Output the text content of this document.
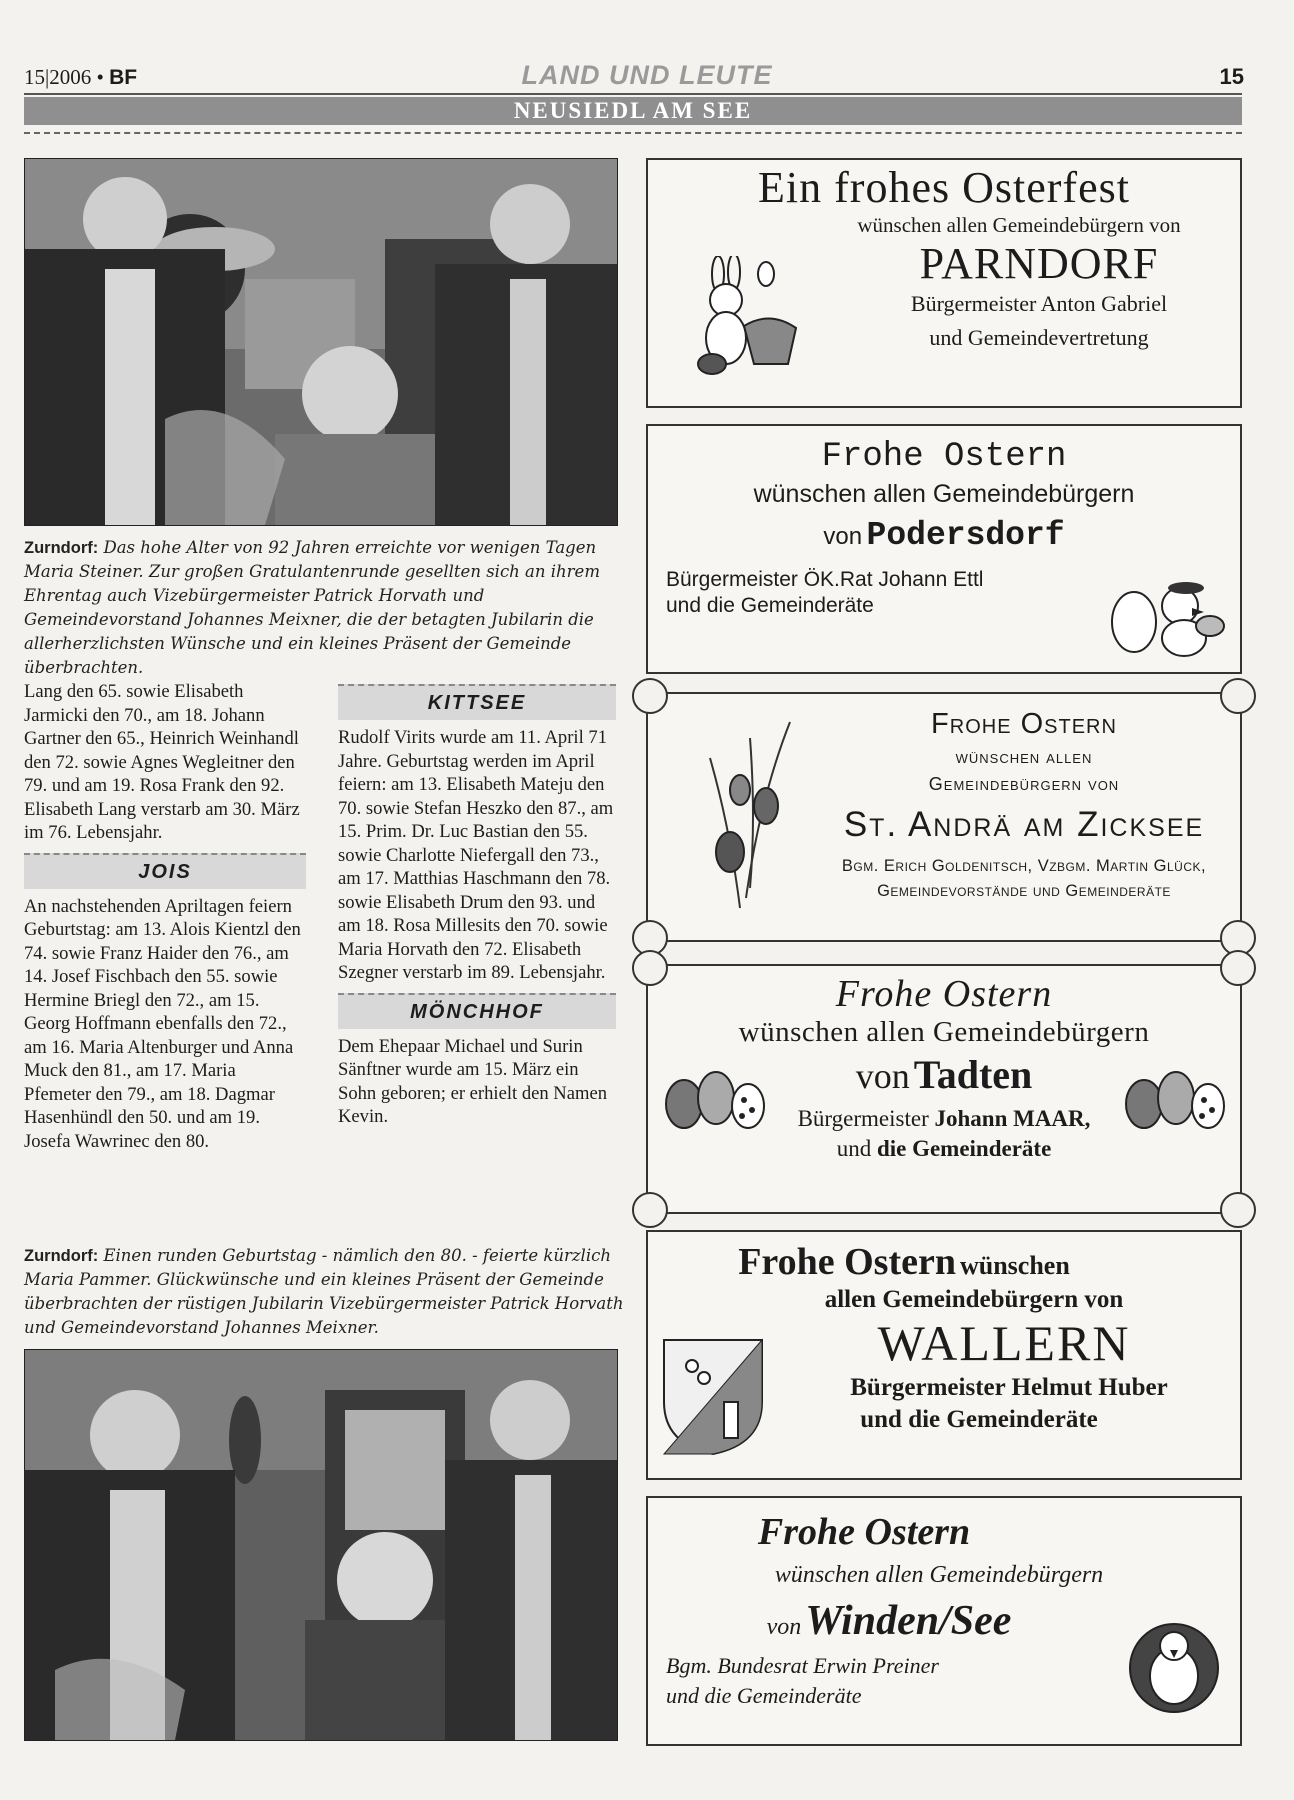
15|2006 • BF	LAND UND LEUTE	15
NEUSIEDL AM SEE
Zurndorf: Das hohe Alter von 92 Jahren erreichte vor wenigen Tagen Maria Steiner. Zur großen Gratulantenrunde gesellten sich an ihrem Ehrentag auch Vizebürgermeister Patrick Horvath und Gemeindevorstand Johannes Meixner, die der betagten Jubilarin die allerherzlichsten Wünsche und ein kleines Präsent der Gemeinde überbrachten.

Lang den 65. sowie Elisabeth Jarmicki den 70., am 18. Johann Gartner den 65., Heinrich Weinhandl den 72. sowie Agnes Wegleitner den 79. und am 19. Rosa Frank den 92. Elisabeth Lang verstarb am 30. März im 76. Lebensjahr.

JOIS

An nachstehenden Apriltagen feiern Geburtstag: am 13. Alois Kientzl den 74. sowie Franz Haider den 76., am 14. Josef Fischbach den 55. sowie Hermine Briegl den 72., am 15. Georg Hoffmann ebenfalls den 72., am 16. Maria Altenburger und Anna Muck den 81., am 17. Maria Pfemeter den 79., am 18. Dagmar Hasenhündl den 50. und am 19. Josefa Wawrinec den 80.

KITTSEE

Rudolf Virits wurde am 11. April 71 Jahre. Geburtstag werden im April feiern: am 13. Elisabeth Mateju den 70. sowie Stefan Heszko den 87., am 15. Prim. Dr. Luc Bastian den 55. sowie Charlotte Niefergall den 73., am 17. Matthias Haschmann den 78. sowie Elisabeth Drum den 93. und am 18. Rosa Millesits den 70. sowie Maria Horvath den 72. Elisabeth Szegner verstarb im 89. Lebensjahr.

MÖNCHHOF

Dem Ehepaar Michael und Surin Sänftner wurde am 15. März ein Sohn geboren; er erhielt den Namen Kevin.

Zurndorf: Einen runden Geburtstag - nämlich den 80. - feierte kürzlich Maria Pammer. Glückwünsche und ein kleines Präsent der Gemeinde überbrachten der rüstigen Jubilarin Vizebürgermeister Patrick Horvath und Gemeindevorstand Johannes Meixner.
Ein frohes Osterfest
wünschen allen Gemeindebürgern von
PARNDORF
Bürgermeister Anton Gabriel
und Gemeindevertretung
Frohe Ostern
wünschen allen Gemeindebürgern
von Podersdorf
Bürgermeister ÖK.Rat Johann Ettl
und die Gemeinderäte
Frohe Ostern
wünschen allen
Gemeindebürgern von
St. Andrä am Zicksee
Bgm. Erich Goldenitsch, Vzbgm. Martin Glück,
Gemeindevorstände und Gemeinderäte
Frohe Ostern
wünschen allen Gemeindebürgern
von Tadten
Bürgermeister Johann MAAR,
und die Gemeinderäte
Frohe Ostern wünschen
allen Gemeindebürgern von
WALLERN
Bürgermeister Helmut Huber
und die Gemeinderäte
Frohe Ostern
wünschen allen Gemeindebürgern
von Winden/See
Bgm. Bundesrat Erwin Preiner
und die Gemeinderäte
